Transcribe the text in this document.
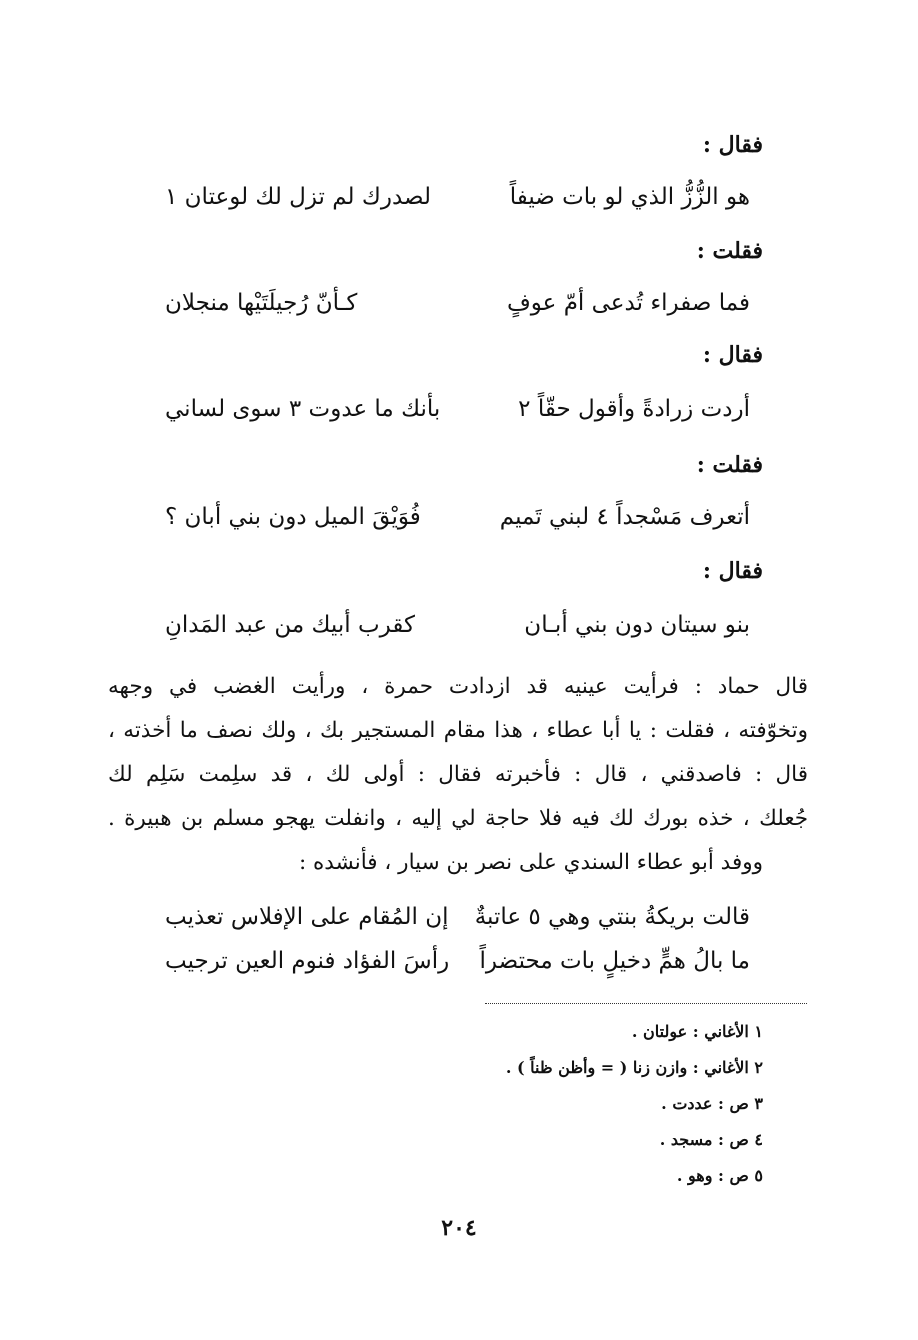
فقال :
هو الزُّزُّ الذي لو بات ضيفاً
لصدرك لم تزل لك لوعتان ١
فقلت :
فما صفراء تُدعى أمّ عوفٍ
كـأنّ رُجيلَتَيْها منجلان
فقال :
أردت زرادةً وأقول حقّاً ٢
بأنك ما عدوت ٣ سوى لساني
فقلت :
أتعرف مَسْجداً ٤ لبني تَميم
فُوَيْقَ الميل دون بني أبان ؟
فقال :
بنو سيتان دون بني أبـان
كقرب أبيك من عبد المَدانِ
قال حماد : فرأيت عينيه قد ازدادت حمرة ، ورأيت الغضب في وجهه
وتخوّفته ، فقلت : يا أبا عطاء ، هذا مقام المستجير بك ، ولك نصف ما أخذته ،
قال : فاصدقني ، قال : فأخبرته فقال : أولى لك ، قد سلِمت سَلِم لك
جُعلك ، خذه بورك لك فيه فلا حاجة لي إليه ، وانفلت يهجو مسلم بن هبيرة .
ووفد أبو عطاء السندي على نصر بن سيار ، فأنشده :
قالت بريكةُ بنتي وهي ٥ عاتبةٌ
إن المُقام على الإفلاس تعذيب
ما بالُ همٍّ دخيلٍ بات محتضراً
رأسَ الفؤاد فنوم العين ترجيب
١ الأغاني : عولتان .
٢ الأغاني : وازن زنا ( = وأظن ظناً ) .
٣ ص : عددت .
٤ ص : مسجد .
٥ ص : وهو .
٢٠٤
